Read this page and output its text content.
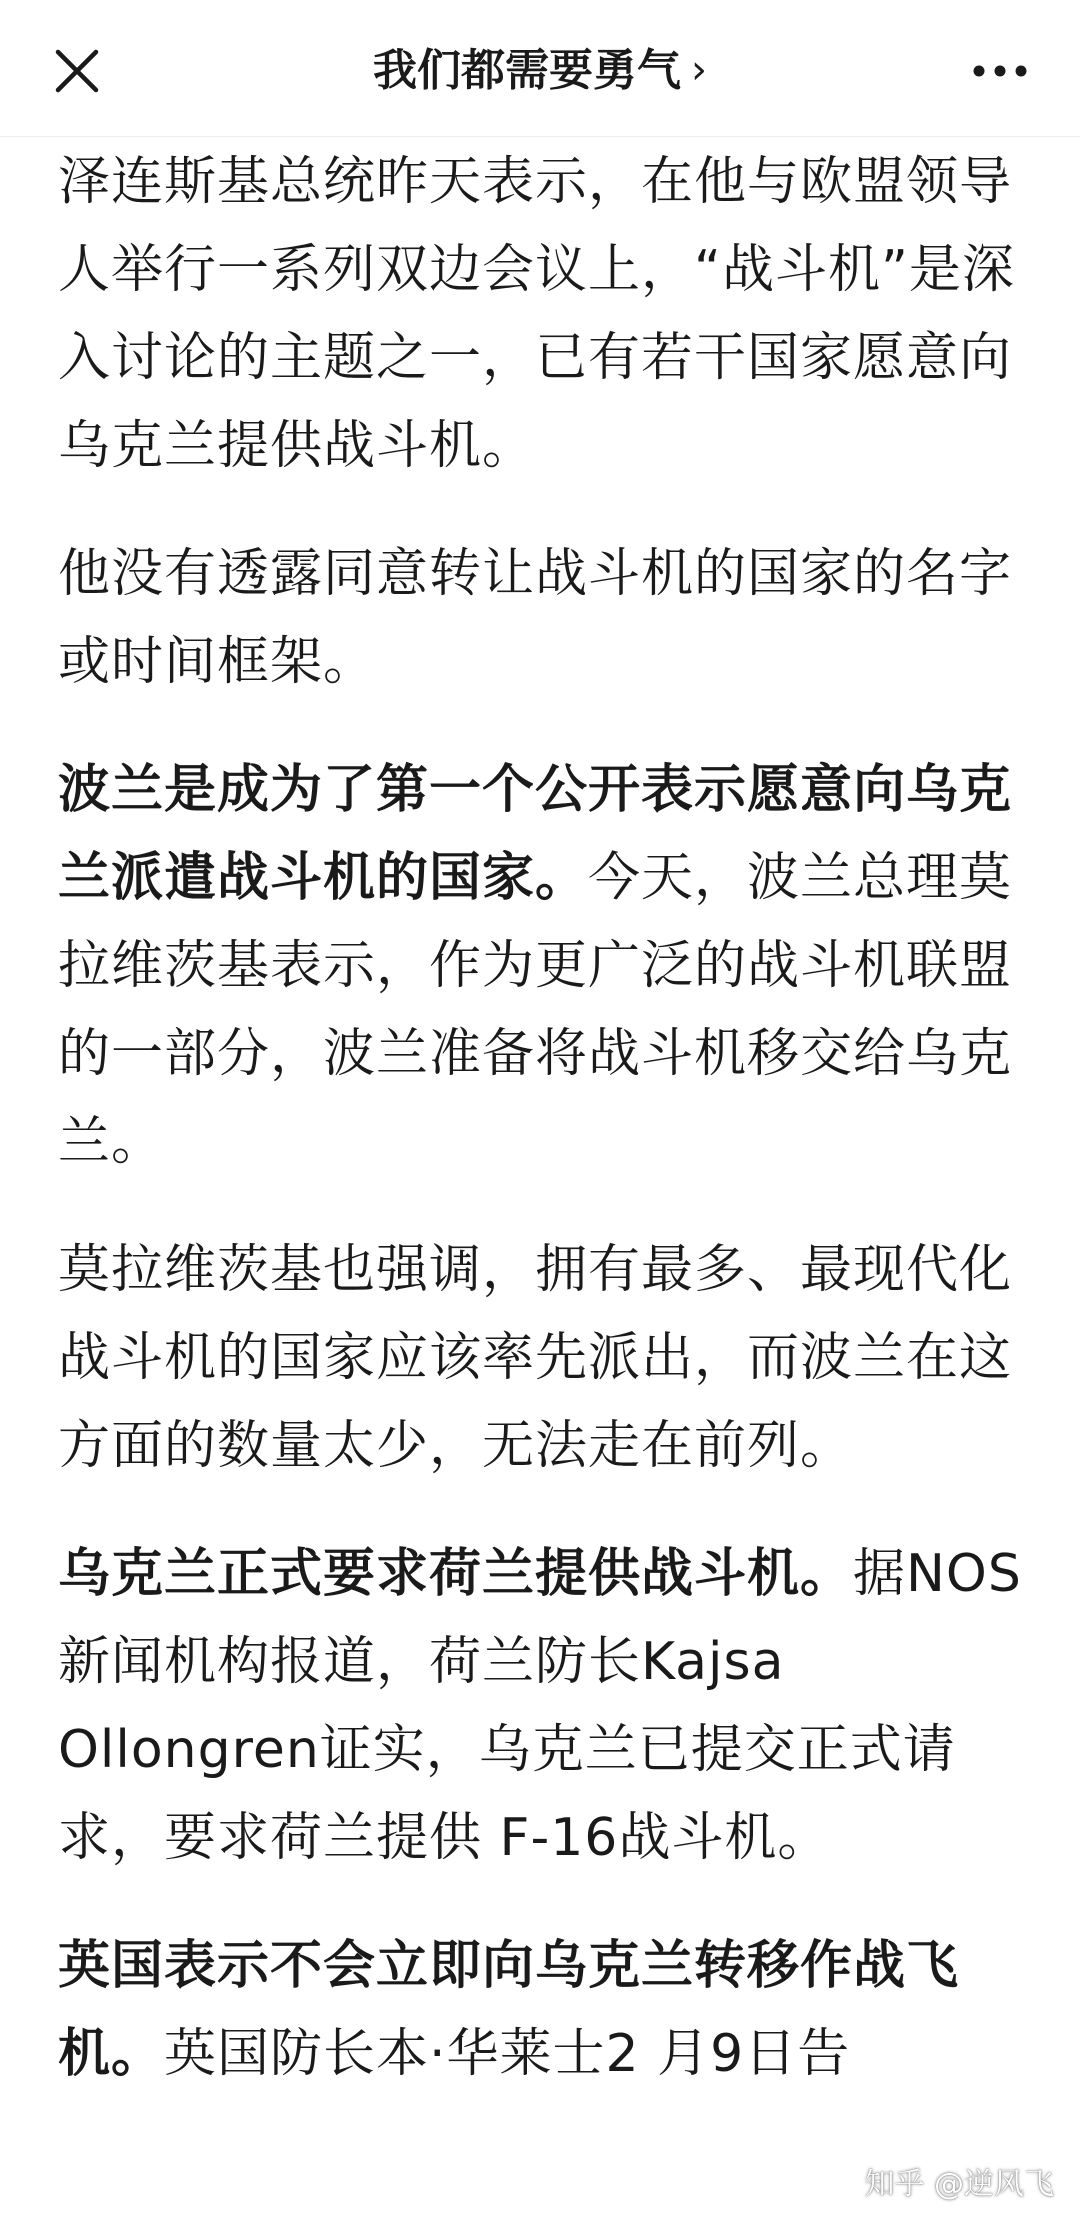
我们都需要勇气 ›

泽连斯基总统昨天表示，在他与欧盟领导人举行一系列双边会议上，“战斗机”是深入讨论的主题之一，已有若干国家愿意向乌克兰提供战斗机。

他没有透露同意转让战斗机的国家的名字或时间框架。

波兰是成为了第一个公开表示愿意向乌克兰派遣战斗机的国家。今天，波兰总理莫拉维茨基表示，作为更广泛的战斗机联盟的一部分，波兰准备将战斗机移交给乌克兰。

莫拉维茨基也强调，拥有最多、最现代化战斗机的国家应该率先派出，而波兰在这方面的数量太少，无法走在前列。

乌克兰正式要求荷兰提供战斗机。据NOS新闻机构报道，荷兰防长Kajsa Ollongren证实，乌克兰已提交正式请求，要求荷兰提供 F-16战斗机。

英国表示不会立即向乌克兰转移作战飞机。英国防长本·华莱士2 月9日告

知乎 @逆风飞
